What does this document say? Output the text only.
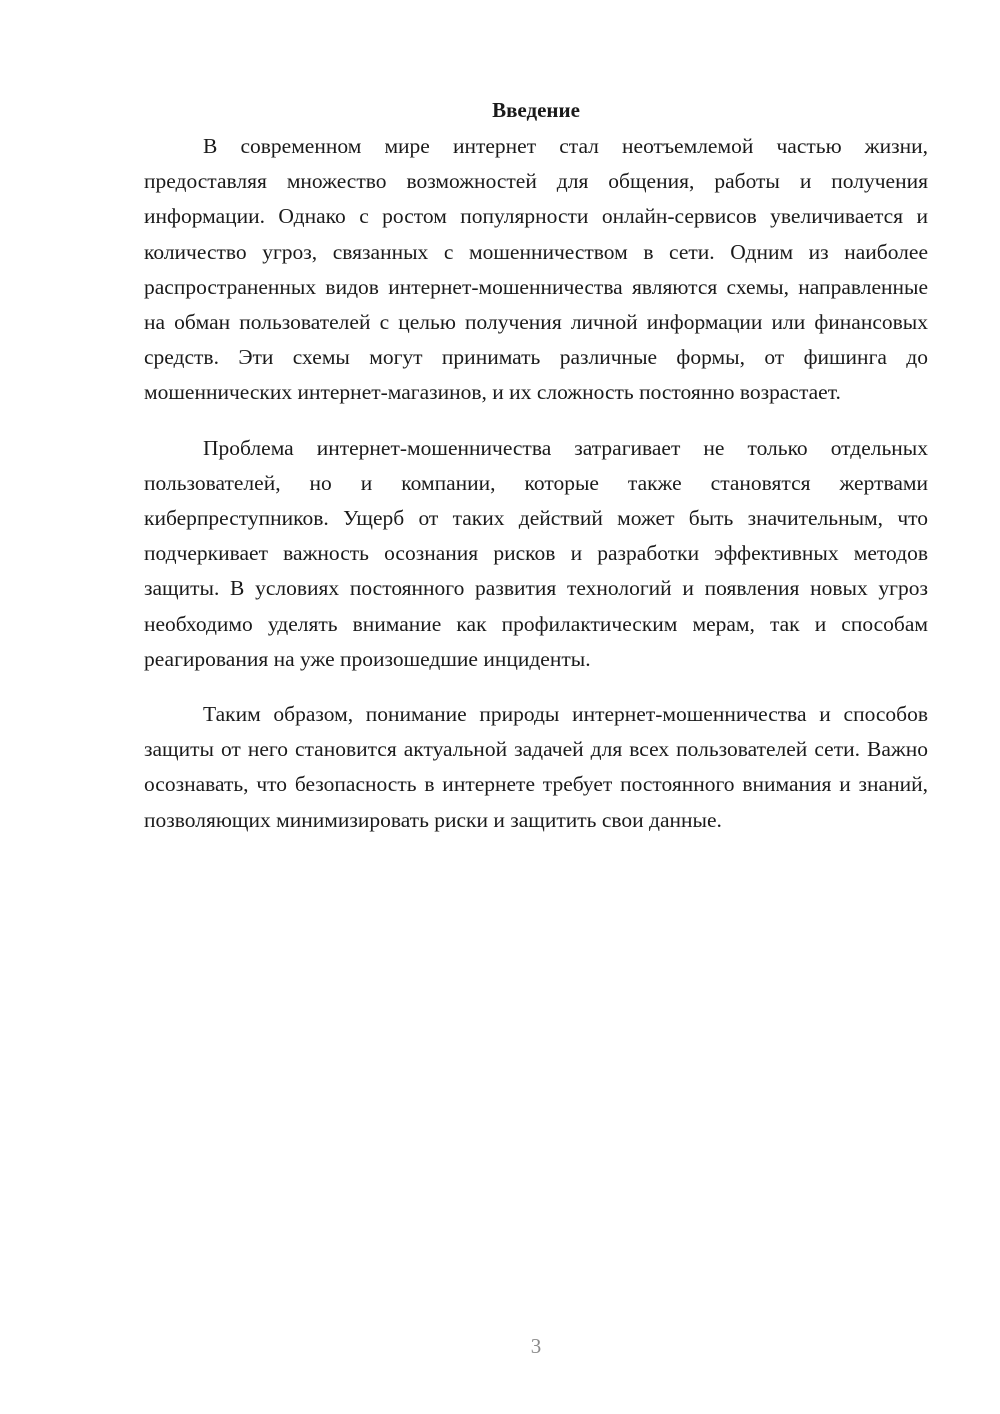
Введение

В современном мире интернет стал неотъемлемой частью жизни, предоставляя множество возможностей для общения, работы и получения информации. Однако с ростом популярности онлайн-сервисов увеличивается и количество угроз, связанных с мошенничеством в сети. Одним из наиболее распространенных видов интернет-мошенничества являются схемы, направленные на обман пользователей с целью получения личной информации или финансовых средств. Эти схемы могут принимать различные формы, от фишинга до мошеннических интернет-магазинов, и их сложность постоянно возрастает.

Проблема интернет-мошенничества затрагивает не только отдельных пользователей, но и компании, которые также становятся жертвами киберпреступников. Ущерб от таких действий может быть значительным, что подчеркивает важность осознания рисков и разработки эффективных методов защиты. В условиях постоянного развития технологий и появления новых угроз необходимо уделять внимание как профилактическим мерам, так и способам реагирования на уже произошедшие инциденты.

Таким образом, понимание природы интернет-мошенничества и способов защиты от него становится актуальной задачей для всех пользователей сети. Важно осознавать, что безопасность в интернете требует постоянного внимания и знаний, позволяющих минимизировать риски и защитить свои данные.

3
